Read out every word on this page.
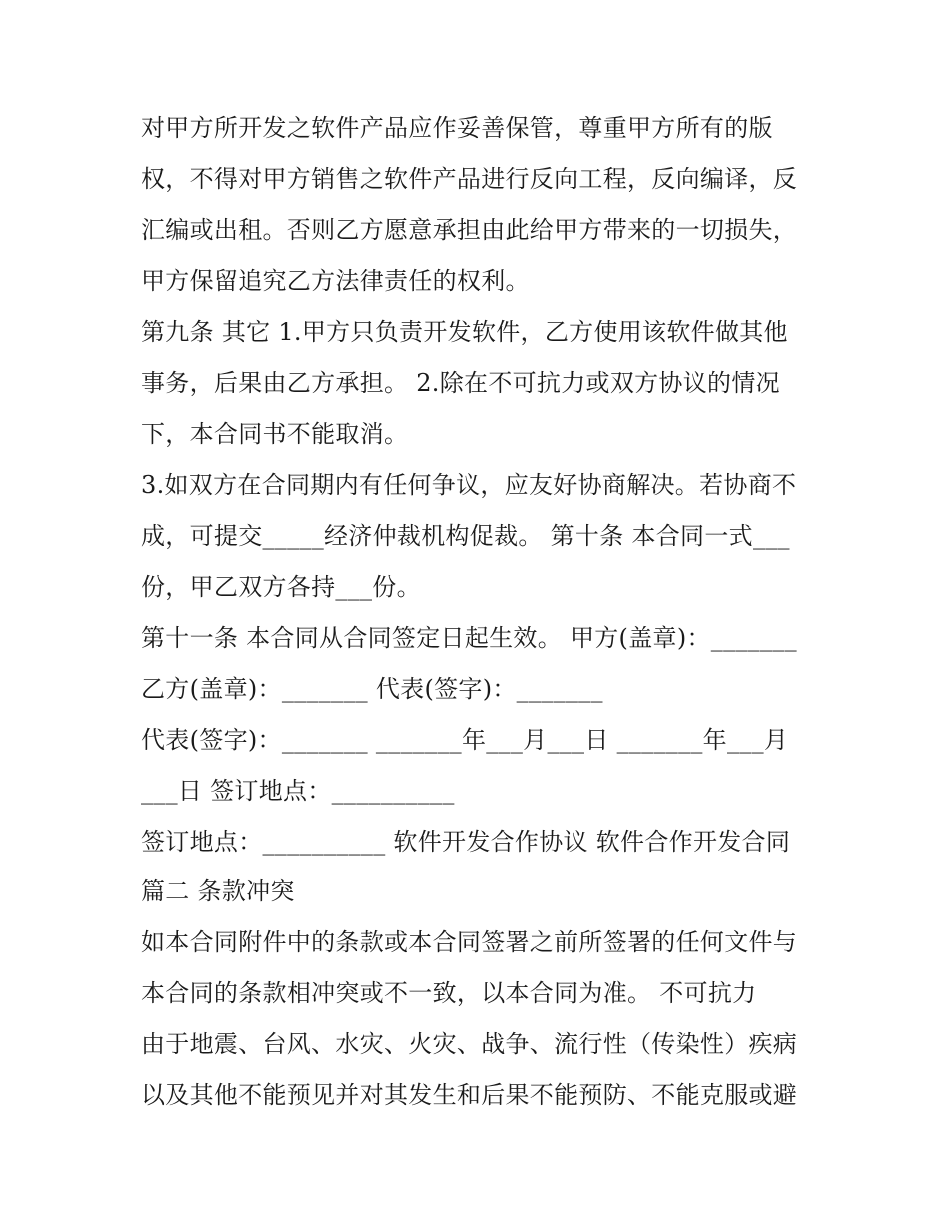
对甲方所开发之软件产品应作妥善保管，尊重甲方所有的版
权，不得对甲方销售之软件产品进行反向工程，反向编译，反
汇编或出租。否则乙方愿意承担由此给甲方带来的一切损失，
甲方保留追究乙方法律责任的权利。
第九条 其它 1.甲方只负责开发软件，乙方使用该软件做其他
事务，后果由乙方承担。 2.除在不可抗力或双方协议的情况
下，本合同书不能取消。
3.如双方在合同期内有任何争议，应友好协商解决。若协商不
成，可提交_____经济仲裁机构促裁。 第十条 本合同一式___
份，甲乙双方各持___份。
第十一条 本合同从合同签定日起生效。 甲方(盖章)：_______
乙方(盖章)：_______ 代表(签字)：_______
代表(签字)：_______ _______年___月___日 _______年___月
___日 签订地点：__________
签订地点：__________ 软件开发合作协议 软件合作开发合同
篇二 条款冲突
如本合同附件中的条款或本合同签署之前所签署的任何文件与
本合同的条款相冲突或不一致，以本合同为准。 不可抗力
由于地震、台风、水灾、火灾、战争、流行性（传染性）疾病
以及其他不能预见并对其发生和后果不能预防、不能克服或避
